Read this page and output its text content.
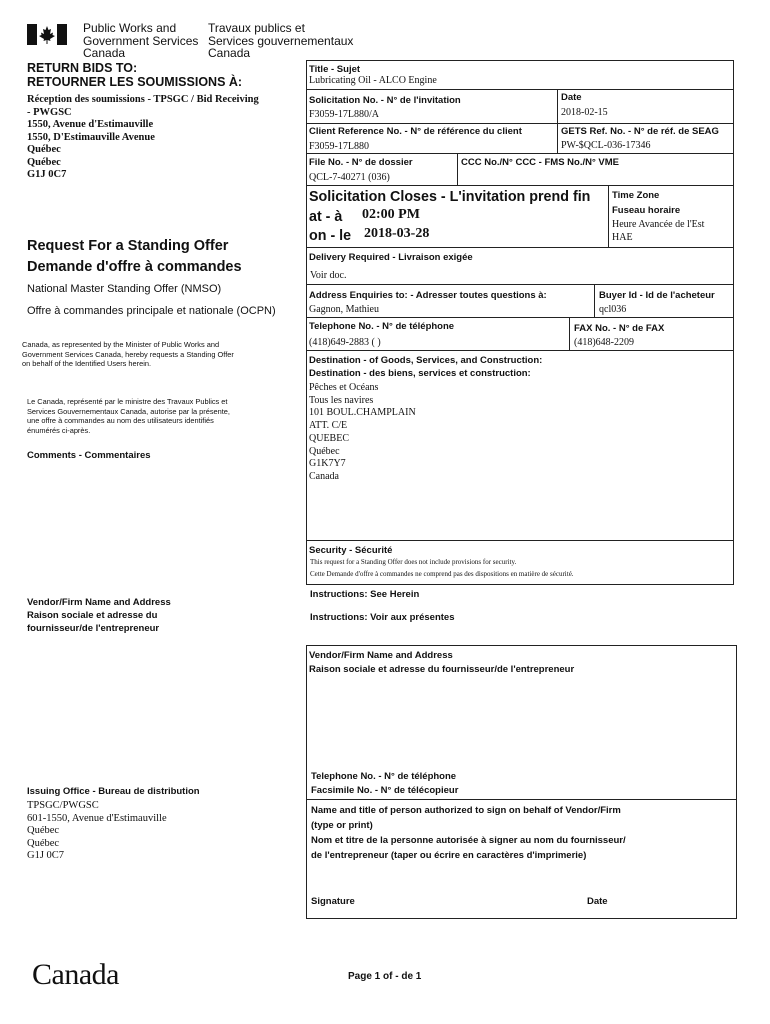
Public Works and
Government Services
Canada
Travaux publics et
Services gouvernementaux
Canada
RETURN BIDS TO:
RETOURNER LES SOUMISSIONS À:
Réception des soumissions - TPSGC / Bid Receiving
- PWGSC
1550, Avenue d'Estimauville
1550, D'Estimauville Avenue
Québec
Québec
G1J 0C7
Request For a Standing Offer
Demande d'offre à commandes
National Master Standing Offer (NMSO)
Offre à commandes principale et nationale (OCPN)
Canada, as represented by the Minister of Public Works and
Government Services Canada, hereby requests a Standing Offer
on behalf of the Identified Users herein.
Le Canada, représenté par le ministre des Travaux Publics et
Services Gouvernementaux Canada, autorise par la présente,
une offre à commandes au nom des utilisateurs identifiés
énumérés ci-après.
Comments - Commentaires
Vendor/Firm Name and Address
Raison sociale et adresse du
fournisseur/de l'entrepreneur
Issuing Office - Bureau de distribution
TPSGC/PWGSC
601-1550, Avenue d'Estimauville
Québec
Québec
G1J 0C7
Title - Sujet
Lubricating Oil - ALCO Engine
Solicitation No. - N° de l'invitation
F3059-17L880/A
Date
2018-02-15
Client Reference No. - N° de référence du client
F3059-17L880
GETS Ref. No. - N° de réf. de SEAG
PW-$QCL-036-17346
File No. - N° de dossier
QCL-7-40271 (036)
CCC No./N° CCC - FMS No./N° VME
Solicitation Closes - L'invitation prend fin
at - à 02:00 PM
on - le 2018-03-28
Time Zone
Fuseau horaire
Heure Avancée de l'Est
HAE
Delivery Required - Livraison exigée
Voir doc.
Address Enquiries to: - Adresser toutes questions à:
Gagnon, Mathieu
Buyer Id - Id de l'acheteur
qcl036
Telephone No. - N° de téléphone
(418)649-2883 ( )
FAX No. - N° de FAX
(418)648-2209
Destination - of Goods, Services, and Construction:
Destination - des biens, services et construction:
Pêches et Océans
Tous les navires
101 BOUL.CHAMPLAIN
ATT. C/E
QUEBEC
Québec
G1K7Y7
Canada
Security - Sécurité
This request for a Standing Offer does not include provisions for security.
Cette Demande d'offre à commandes ne comprend pas des dispositions en matière de sécurité.
Instructions: See Herein
Instructions: Voir aux présentes
Vendor/Firm Name and Address
Raison sociale et adresse du fournisseur/de l'entrepreneur
Telephone No. - N° de téléphone
Facsimile No. - N° de télécopieur
Name and title of person authorized to sign on behalf of Vendor/Firm
(type or print)
Nom et titre de la personne autorisée à signer au nom du fournisseur/
de l'entrepreneur (taper ou écrire en caractères d'imprimerie)
Signature	Date
Canada	Page 1 of - de 1
